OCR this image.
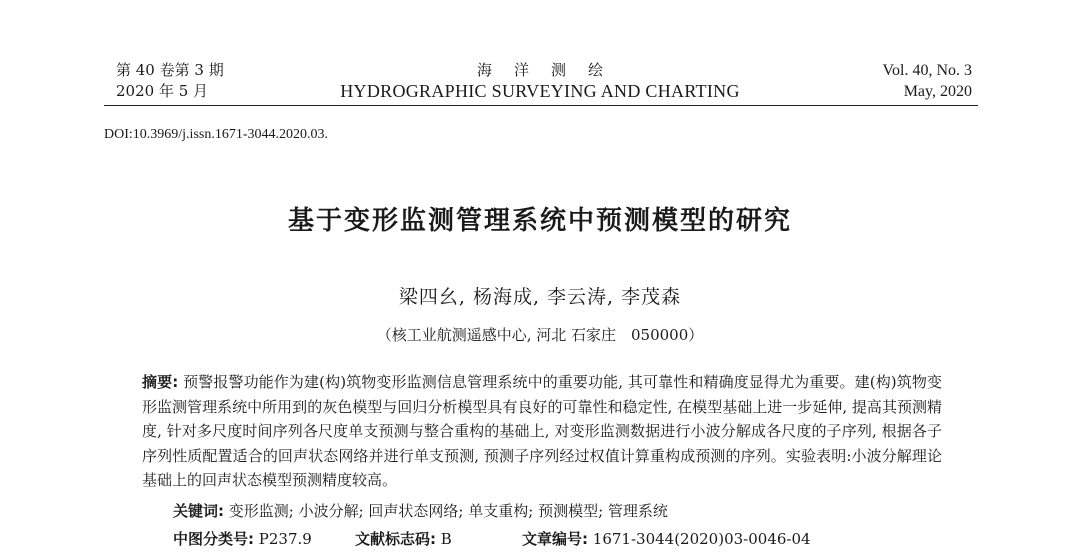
第 40 卷第 3 期
2020 年 5 月
海洋测绘
HYDROGRAPHIC SURVEYING AND CHARTING
Vol. 40, No. 3
May, 2020
DOI:10.3969/j.issn.1671-3044.2020.03.
基于变形监测管理系统中预测模型的研究
梁四幺, 杨海成, 李云涛, 李茂森
（核工业航测遥感中心, 河北 石家庄　050000）
摘要: 预警报警功能作为建(构)筑物变形监测信息管理系统中的重要功能, 其可靠性和精确度显得尤为重要。建(构)筑物变形监测管理系统中所用到的灰色模型与回归分析模型具有良好的可靠性和稳定性, 在模型基础上进一步延伸, 提高其预测精度, 针对多尺度时间序列各尺度单支预测与整合重构的基础上, 对变形监测数据进行小波分解成各尺度的子序列, 根据各子序列性质配置适合的回声状态网络并进行单支预测, 预测子序列经过权值计算重构成预测的序列。实验表明:小波分解理论基础上的回声状态模型预测精度较高。
关键词: 变形监测; 小波分解; 回声状态网络; 单支重构; 预测模型; 管理系统
中图分类号: P237.9	文献标志码: B	文章编号: 1671-3044(2020)03-0046-04
